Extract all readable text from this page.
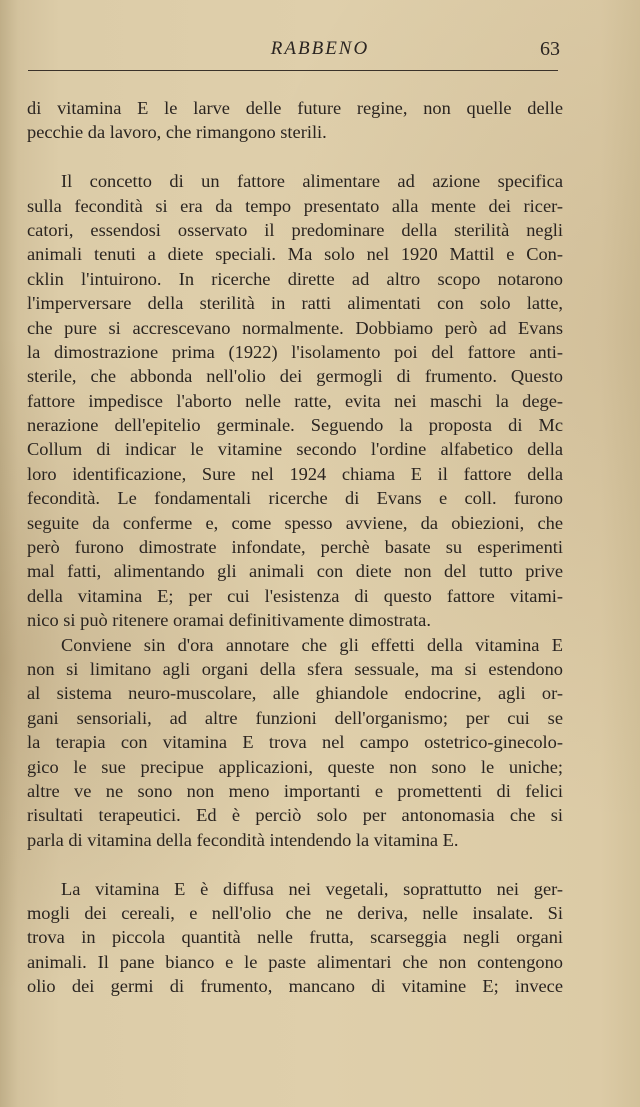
RABBENO	63
di vitamina E le larve delle future regine, non quelle delle
pecchie da lavoro, che rimangono sterili.
Il concetto di un fattore alimentare ad azione specifica
sulla fecondità si era da tempo presentato alla mente dei ricer-
catori, essendosi osservato il predominare della sterilità negli
animali tenuti a diete speciali. Ma solo nel 1920 Mattil e Con-
cklin l'intuirono. In ricerche dirette ad altro scopo notarono
l'imperversare della sterilità in ratti alimentati con solo latte,
che pure si accrescevano normalmente. Dobbiamo però ad Evans
la dimostrazione prima (1922) l'isolamento poi del fattore anti-
sterile, che abbonda nell'olio dei germogli di frumento. Questo
fattore impedisce l'aborto nelle ratte, evita nei maschi la dege-
nerazione dell'epitelio germinale. Seguendo la proposta di Mc
Collum di indicar le vitamine secondo l'ordine alfabetico della
loro identificazione, Sure nel 1924 chiama E il fattore della
fecondità. Le fondamentali ricerche di Evans e coll. furono
seguite da conferme e, come spesso avviene, da obiezioni, che
però furono dimostrate infondate, perchè basate su esperimenti
mal fatti, alimentando gli animali con diete non del tutto prive
della vitamina E; per cui l'esistenza di questo fattore vitami-
nico si può ritenere oramai definitivamente dimostrata.
Conviene sin d'ora annotare che gli effetti della vitamina E
non si limitano agli organi della sfera sessuale, ma si estendono
al sistema neuro-muscolare, alle ghiandole endocrine, agli or-
gani sensoriali, ad altre funzioni dell'organismo; per cui se
la terapia con vitamina E trova nel campo ostetrico-ginecolo-
gico le sue precipue applicazioni, queste non sono le uniche;
altre ve ne sono non meno importanti e promettenti di felici
risultati terapeutici. Ed è perciò solo per antonomasia che si
parla di vitamina della fecondità intendendo la vitamina E.
La vitamina E è diffusa nei vegetali, soprattutto nei ger-
mogli dei cereali, e nell'olio che ne deriva, nelle insalate. Si
trova in piccola quantità nelle frutta, scarseggia negli organi
animali. Il pane bianco e le paste alimentari che non contengono
olio dei germi di frumento, mancano di vitamine E; invece
